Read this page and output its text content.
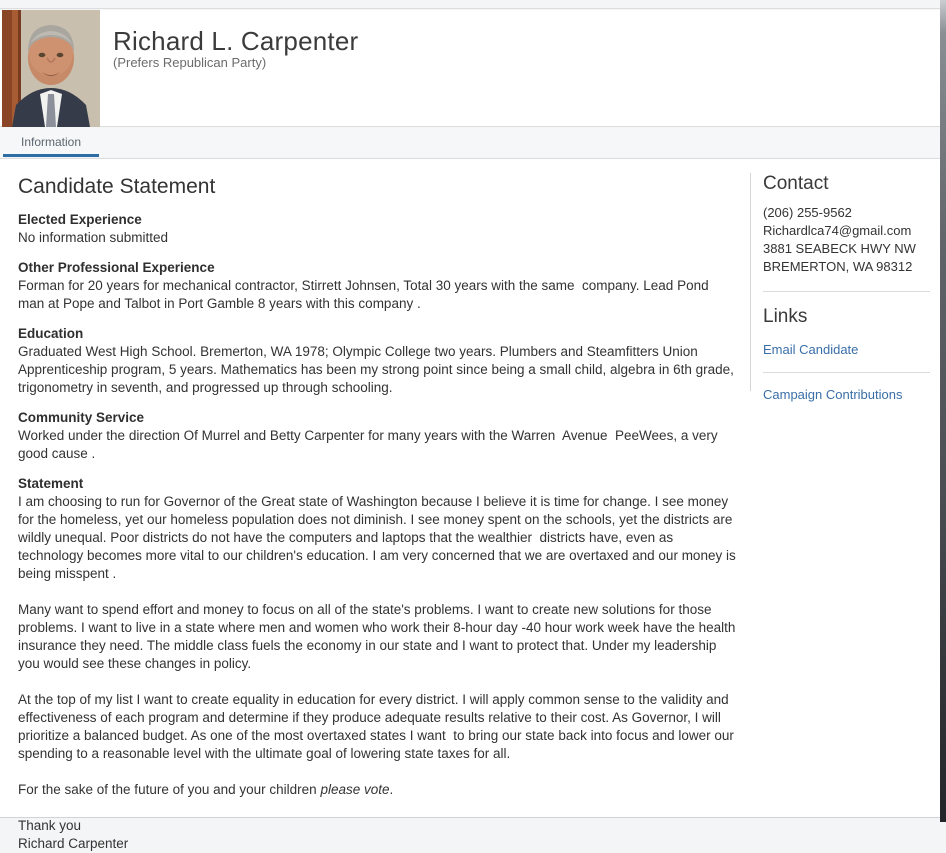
Richard L. Carpenter
(Prefers Republican Party)
Information
Candidate Statement

Elected Experience

No information submitted

Other Professional Experience

Forman for 20 years for mechanical contractor, Stirrett Johnsen, Total 30 years with the same  company. Lead Pond man at Pope and Talbot in Port Gamble 8 years with this company .

Education

Graduated West High School. Bremerton, WA 1978; Olympic College two years. Plumbers and Steamfitters Union Apprenticeship program, 5 years. Mathematics has been my strong point since being a small child, algebra in 6th grade, trigonometry in seventh, and progressed up through schooling.

Community Service

Worked under the direction Of Murrel and Betty Carpenter for many years with the Warren  Avenue  PeeWees, a very good cause .

Statement

I am choosing to run for Governor of the Great state of Washington because I believe it is time for change. I see money for the homeless, yet our homeless population does not diminish. I see money spent on the schools, yet the districts are wildly unequal. Poor districts do not have the computers and laptops that the wealthier  districts have, even as technology becomes more vital to our children's education. I am very concerned that we are overtaxed and our money is being misspent .

Many want to spend effort and money to focus on all of the state's problems. I want to create new solutions for those problems. I want to live in a state where men and women who work their 8-hour day -40 hour work week have the health insurance they need. The middle class fuels the economy in our state and I want to protect that. Under my leadership you would see these changes in policy.

At the top of my list I want to create equality in education for every district. I will apply common sense to the validity and effectiveness of each program and determine if they produce adequate results relative to their cost. As Governor, I will prioritize a balanced budget. As one of the most overtaxed states I want  to bring our state back into focus and lower our spending to a reasonable level with the ultimate goal of lowering state taxes for all.

For the sake of the future of you and your children please vote.

Thank you
Richard Carpenter

Contact

(206) 255-9562

Richardlca74@gmail.com

3881 SEABECK HWY NW

BREMERTON, WA 98312

Links
Email Candidate
Campaign Contributions
